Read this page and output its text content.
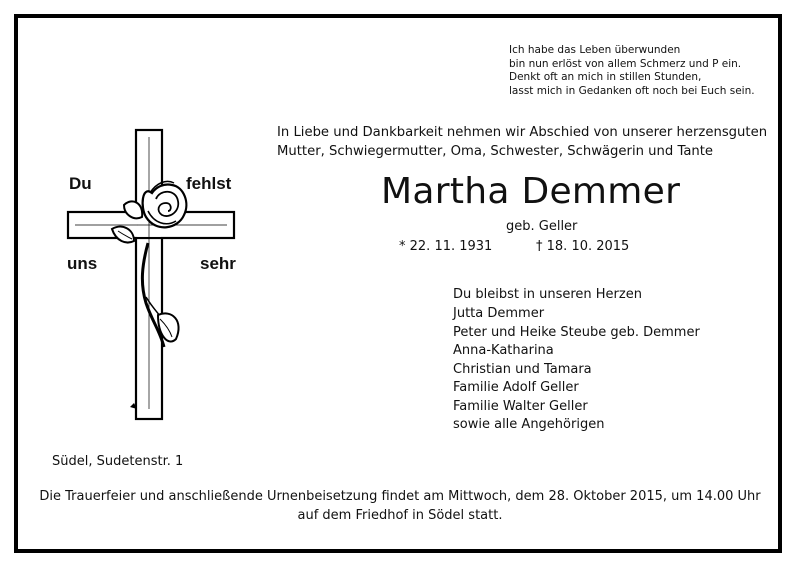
Ich habe das Leben überwunden
bin nun erlöst von allem Schmerz und P ein.
Denkt oft an mich in stillen Stunden,
lasst mich in Gedanken oft noch bei Euch sein.
In Liebe und Dankbarkeit nehmen wir Abschied von unserer herzensguten
Mutter, Schwiegermutter, Oma, Schwester, Schwägerin und Tante
Martha Demmer
geb. Geller
* 22. 11. 1931	† 18. 10. 2015
Du	fehlst
uns	sehr
Du bleibst in unseren Herzen
Jutta Demmer
Peter und Heike Steube geb. Demmer
Anna-Katharina
Christian und Tamara
Familie Adolf Geller
Familie Walter Geller
sowie alle Angehörigen
Südel, Sudetenstr. 1
Die Trauerfeier und anschließende Urnenbeisetzung findet am Mittwoch, dem 28. Oktober 2015, um 14.00 Uhr
auf dem Friedhof in Södel statt.
